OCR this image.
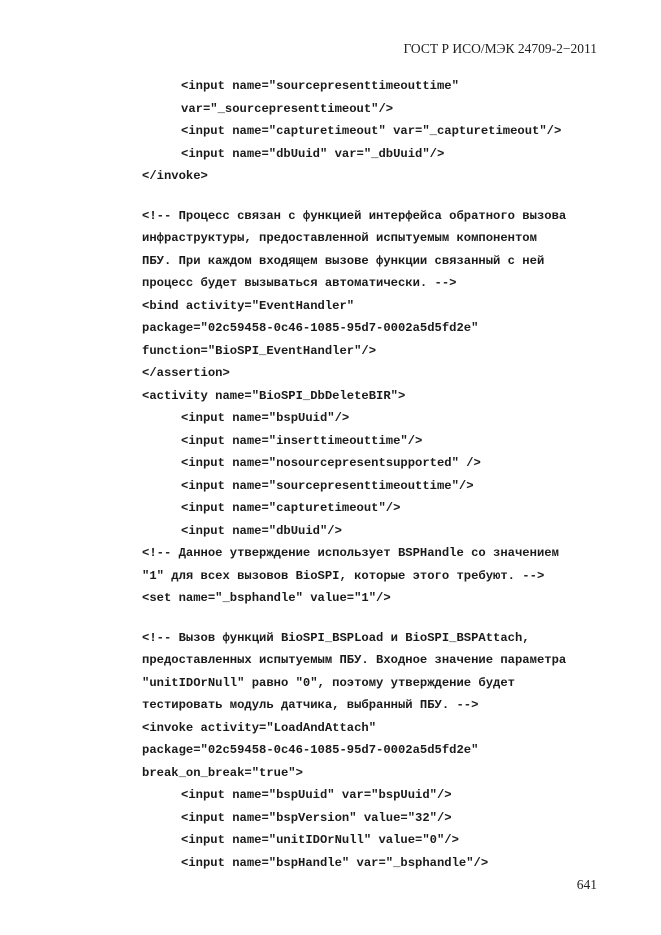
ГОСТ Р ИСО/МЭК 24709-2−2011
<input name="sourcepresenttimeouttime"
var="_sourcepresenttimeout"/>
<input name="capturetimeout" var="_capturetimeout"/>
<input name="dbUuid" var="_dbUuid"/>
</invoke>
<!-- Процесс связан с функцией интерфейса обратного вызова
инфраструктуры, предоставленной испытуемым компонентом
ПБУ. При каждом входящем вызове функции связанный с ней
процесс будет вызываться автоматически. -->
<bind activity="EventHandler"
package="02c59458-0c46-1085-95d7-0002a5d5fd2e"
function="BioSPI_EventHandler"/>
</assertion>
<activity name="BioSPI_DbDeleteBIR">
<input name="bspUuid"/>
<input name="inserttimeouttime"/>
<input name="nosourcepresentsupported" />
<input name="sourcepresenttimeouttime"/>
<input name="capturetimeout"/>
<input name="dbUuid"/>
<!-- Данное утверждение использует BSPHandle со значением
"1" для всех вызовов BioSPI, которые этого требуют. -->
<set name="_bsphandle" value="1"/>
<!-- Вызов функций BioSPI_BSPLoad и BioSPI_BSPAttach,
предоставленных испытуемым ПБУ. Входное значение параметра
"unitIDOrNull" равно "0", поэтому утверждение будет
тестировать модуль датчика, выбранный ПБУ. -->
<invoke activity="LoadAndAttach"
package="02c59458-0c46-1085-95d7-0002a5d5fd2e"
break_on_break="true">
<input name="bspUuid" var="bspUuid"/>
<input name="bspVersion" value="32"/>
<input name="unitIDOrNull" value="0"/>
<input name="bspHandle" var="_bsphandle"/>
641
